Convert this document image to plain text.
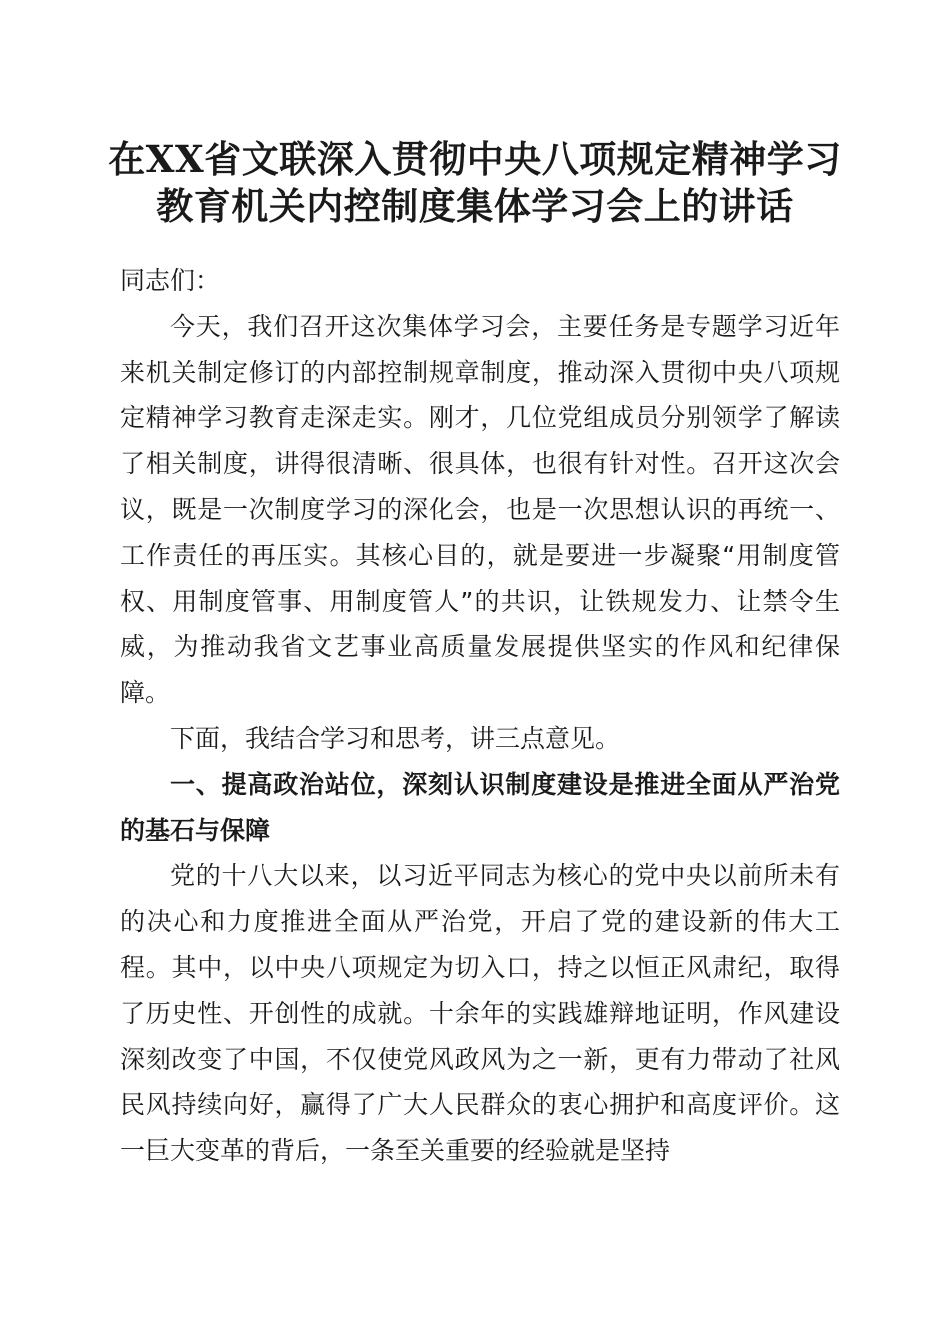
在XX省文联深入贯彻中央八项规定精神学习
教育机关内控制度集体学习会上的讲话

同志们：

今天，我们召开这次集体学习会，主要任务是专题学习近年来机关制定修订的内部控制规章制度，推动深入贯彻中央八项规定精神学习教育走深走实。刚才，几位党组成员分别领学了解读了相关制度，讲得很清晰、很具体，也很有针对性。召开这次会议，既是一次制度学习的深化会，也是一次思想认识的再统一、工作责任的再压实。其核心目的，就是要进一步凝聚“用制度管权、用制度管事、用制度管人”的共识，让铁规发力、让禁令生威，为推动我省文艺事业高质量发展提供坚实的作风和纪律保障。

下面，我结合学习和思考，讲三点意见。

一、提高政治站位，深刻认识制度建设是推进全面从严治党的基石与保障

党的十八大以来，以习近平同志为核心的党中央以前所未有的决心和力度推进全面从严治党，开启了党的建设新的伟大工程。其中，以中央八项规定为切入口，持之以恒正风肃纪，取得了历史性、开创性的成就。十余年的实践雄辩地证明，作风建设深刻改变了中国，不仅使党风政风为之一新，更有力带动了社风民风持续向好，赢得了广大人民群众的衷心拥护和高度评价。这一巨大变革的背后，一条至关重要的经验就是坚持
